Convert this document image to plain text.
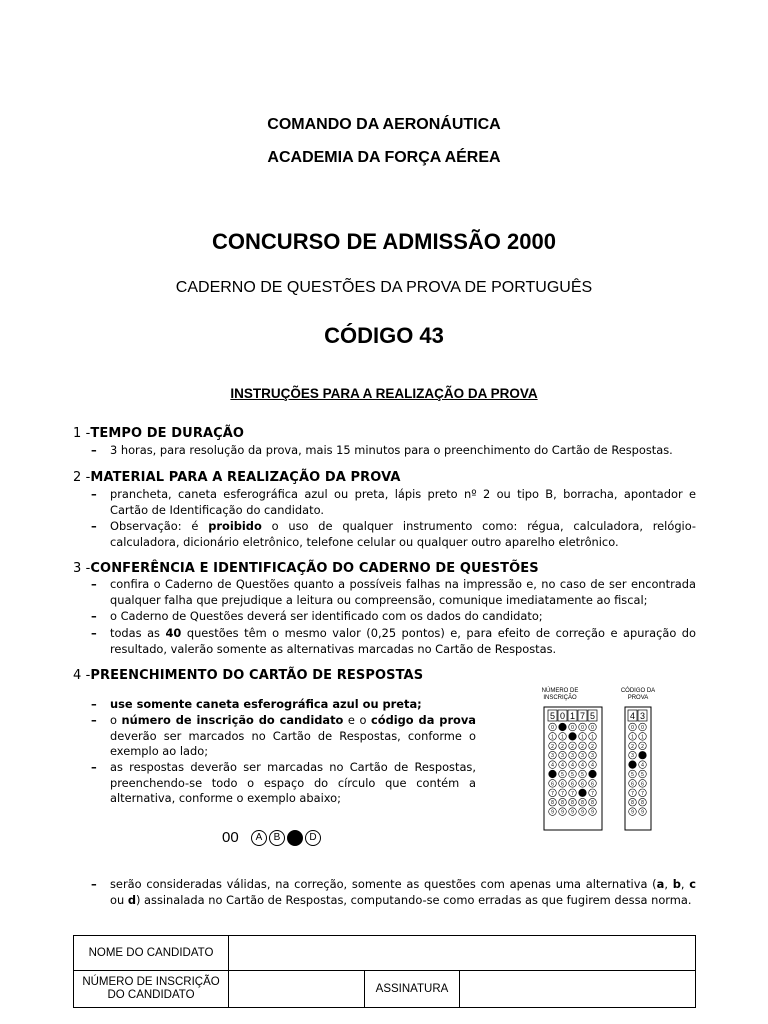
COMANDO DA AERONÁUTICA
ACADEMIA DA FORÇA AÉREA
CONCURSO DE ADMISSÃO 2000
CADERNO DE QUESTÕES DA PROVA DE PORTUGUÊS
CÓDIGO 43
INSTRUÇÕES PARA A REALIZAÇÃO DA PROVA
1 -TEMPO DE DURAÇÃO
– 3 horas, para resolução da prova, mais 15 minutos para o preenchimento do Cartão de Respostas.
2 -MATERIAL PARA A REALIZAÇÃO DA PROVA
– prancheta, caneta esferográfica azul ou preta, lápis preto nº 2 ou tipo B, borracha, apontador e Cartão de Identificação do candidato.
– Observação: é proibido o uso de qualquer instrumento como: régua, calculadora, relógio-calculadora, dicionário eletrônico, telefone celular ou qualquer outro aparelho eletrônico.
3 -CONFERÊNCIA E IDENTIFICAÇÃO DO CADERNO DE QUESTÕES
– confira o Caderno de Questões quanto a possíveis falhas na impressão e, no caso de ser encontrada qualquer falha que prejudique a leitura ou compreensão, comunique imediatamente ao fiscal;
– o Caderno de Questões deverá ser identificado com os dados do candidato;
– todas as 40 questões têm o mesmo valor (0,25 pontos) e, para efeito de correção e apuração do resultado, valerão somente as alternativas marcadas no Cartão de Respostas.
4 -PREENCHIMENTO DO CARTÃO DE RESPOSTAS
– use somente caneta esferográfica azul ou preta;
– o número de inscrição do candidato e o código da prova deverão ser marcados no Cartão de Respostas, conforme o exemplo ao lado;
– as respostas deverão ser marcadas no Cartão de Respostas, preenchendo-se todo o espaço do círculo que contém a alternativa, conforme o exemplo abaixo;
00	A B	D
NÚMERO DE INSCRIÇÃO
CÓDIGO DA PROVA
5
0
1
2
3
4
6
7
8
9
0
1
2
3
4
5
6
7
8
9
1
0
2
3
4
5
6
7
8
9
7
0
1
2
3
4
5
6
8
9
5
0
1
2
3
4
6
7
8
9
4
0
1
2
3
5
6
7
8
9
3
0
1
2
4
5
6
7
8
9
– serão consideradas válidas, na correção, somente as questões com apenas uma alternativa (a, b, c ou d) assinalada no Cartão de Respostas, computando-se como erradas as que fugirem dessa norma.
NOME DO CANDIDATO			
NÚMERO DE INSCRIÇÃO DO CANDIDATO		ASSINATURA	
